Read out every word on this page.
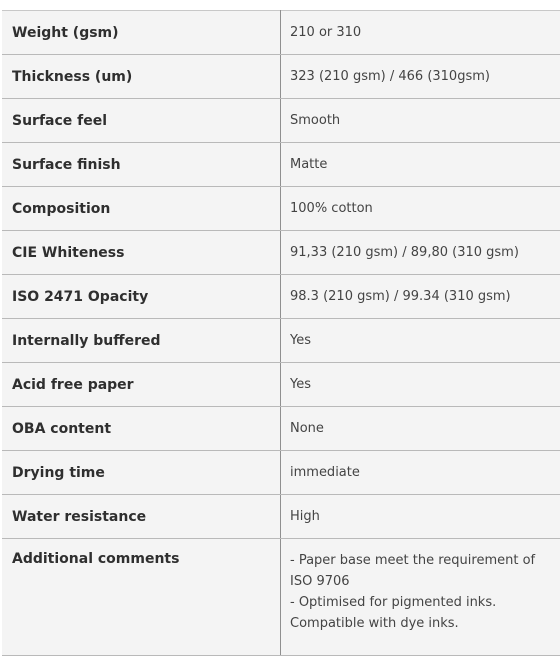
Weight (gsm)	210 or 310
Thickness (um)	323 (210 gsm) / 466 (310gsm)
Surface feel	Smooth
Surface finish	Matte
Composition	100% cotton
CIE Whiteness	91,33 (210 gsm) / 89,80 (310 gsm)
ISO 2471 Opacity	98.3 (210 gsm) / 99.34 (310 gsm)
Internally buffered	Yes
Acid free paper	Yes
OBA content	None
Drying time	immediate
Water resistance	High
Additional comments	- Paper base meet the requirement of ISO 9706
- Optimised for pigmented inks. Compatible with dye inks.
